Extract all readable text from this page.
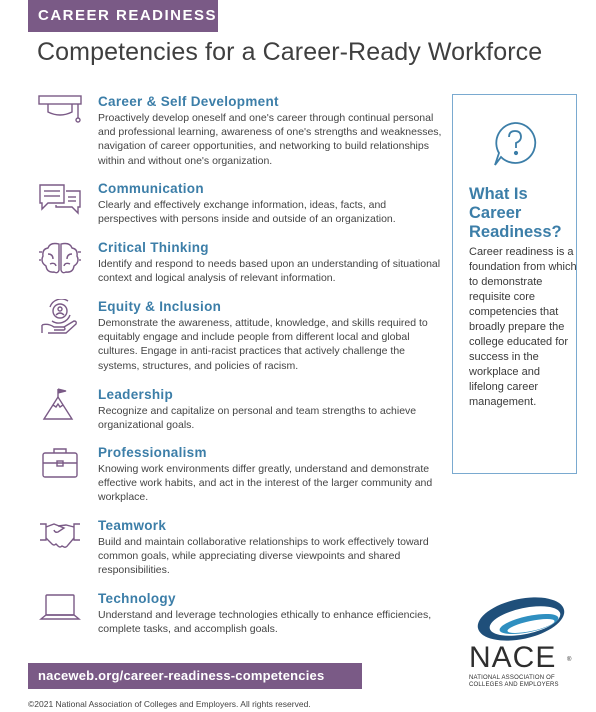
CAREER READINESS
Competencies for a Career-Ready Workforce
Career & Self Development
Proactively develop oneself and one's career through continual personal and professional learning, awareness of one's strengths and weaknesses, navigation of career opportunities, and networking to build relationships within and without one's organization.
Communication
Clearly and effectively exchange information, ideas, facts, and perspectives with persons inside and outside of an organization.
Critical Thinking
Identify and respond to needs based upon an understanding of situational context and logical analysis of relevant information.
Equity & Inclusion
Demonstrate the awareness, attitude, knowledge, and skills required to equitably engage and include people from different local and global cultures. Engage in anti-racist practices that actively challenge the systems, structures, and policies of racism.
Leadership
Recognize and capitalize on personal and team strengths to achieve organizational goals.
Professionalism
Knowing work environments differ greatly, understand and demonstrate effective work habits, and act in the interest of the larger community and workplace.
Teamwork
Build and maintain collaborative relationships to work effectively toward common goals, while appreciating diverse viewpoints and shared responsibilities.
Technology
Understand and leverage technologies ethically to enhance efficiencies, complete tasks, and accomplish goals.
What Is Career Readiness?
Career readiness is a foundation from which to demonstrate requisite core competencies that broadly prepare the college educated for success in the workplace and lifelong career management.
NACE ®
NATIONAL ASSOCIATION OF
COLLEGES AND EMPLOYERS
naceweb.org/career-readiness-competencies
©2021 National Association of Colleges and Employers. All rights reserved.
